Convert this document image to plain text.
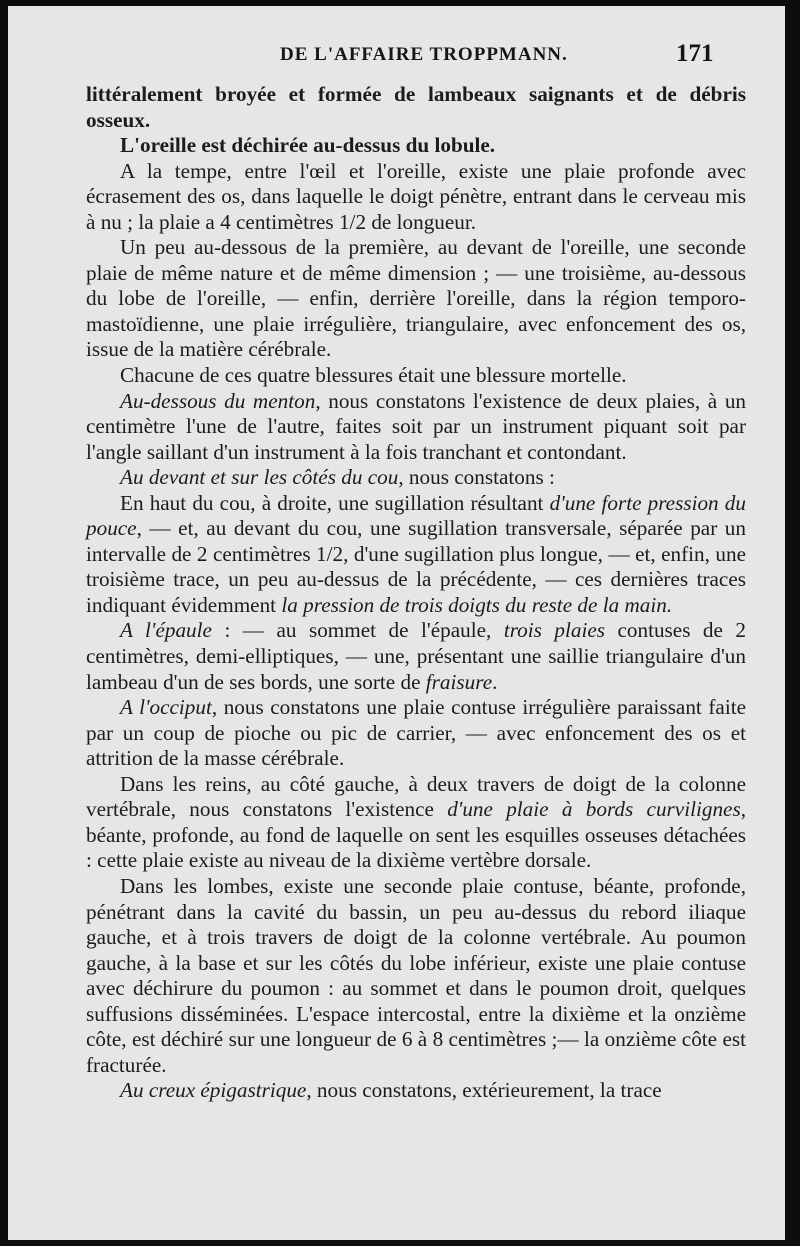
DE L'AFFAIRE TROPPMANN.	171

littéralement broyée et formée de lambeaux saignants et de débris osseux.

L'oreille est déchirée au-dessus du lobule.

A la tempe, entre l'œil et l'oreille, existe une plaie profonde avec écrasement des os, dans laquelle le doigt pénètre, entrant dans le cerveau mis à nu ; la plaie a 4 centimètres 1/2 de longueur.

Un peu au-dessous de la première, au devant de l'oreille, une seconde plaie de même nature et de même dimension ; — une troisième, au-dessous du lobe de l'oreille, — enfin, derrière l'oreille, dans la région temporo-mastoïdienne, une plaie irrégulière, triangulaire, avec enfoncement des os, issue de la matière cérébrale.

Chacune de ces quatre blessures était une blessure mortelle.

Au-dessous du menton, nous constatons l'existence de deux plaies, à un centimètre l'une de l'autre, faites soit par un instrument piquant soit par l'angle saillant d'un instrument à la fois tranchant et contondant.

Au devant et sur les côtés du cou, nous constatons :

En haut du cou, à droite, une sugillation résultant d'une forte pression du pouce, — et, au devant du cou, une sugillation transversale, séparée par un intervalle de 2 centimètres 1/2, d'une sugillation plus longue, — et, enfin, une troisième trace, un peu au-dessus de la précédente, — ces dernières traces indiquant évidemment la pression de trois doigts du reste de la main.

A l'épaule : — au sommet de l'épaule, trois plaies contuses de 2 centimètres, demi-elliptiques, — une, présentant une saillie triangulaire d'un lambeau d'un de ses bords, une sorte de fraisure.

A l'occiput, nous constatons une plaie contuse irrégulière paraissant faite par un coup de pioche ou pic de carrier, — avec enfoncement des os et attrition de la masse cérébrale.

Dans les reins, au côté gauche, à deux travers de doigt de la colonne vertébrale, nous constatons l'existence d'une plaie à bords curvilignes, béante, profonde, au fond de laquelle on sent les esquilles osseuses détachées : cette plaie existe au niveau de la dixième vertèbre dorsale.

Dans les lombes, existe une seconde plaie contuse, béante, profonde, pénétrant dans la cavité du bassin, un peu au-dessus du rebord iliaque gauche, et à trois travers de doigt de la colonne vertébrale. Au poumon gauche, à la base et sur les côtés du lobe inférieur, existe une plaie contuse avec déchirure du poumon : au sommet et dans le poumon droit, quelques suffusions disséminées. L'espace intercostal, entre la dixième et la onzième côte, est déchiré sur une longueur de 6 à 8 centimètres ;— la onzième côte est fracturée.

Au creux épigastrique, nous constatons, extérieurement, la trace
